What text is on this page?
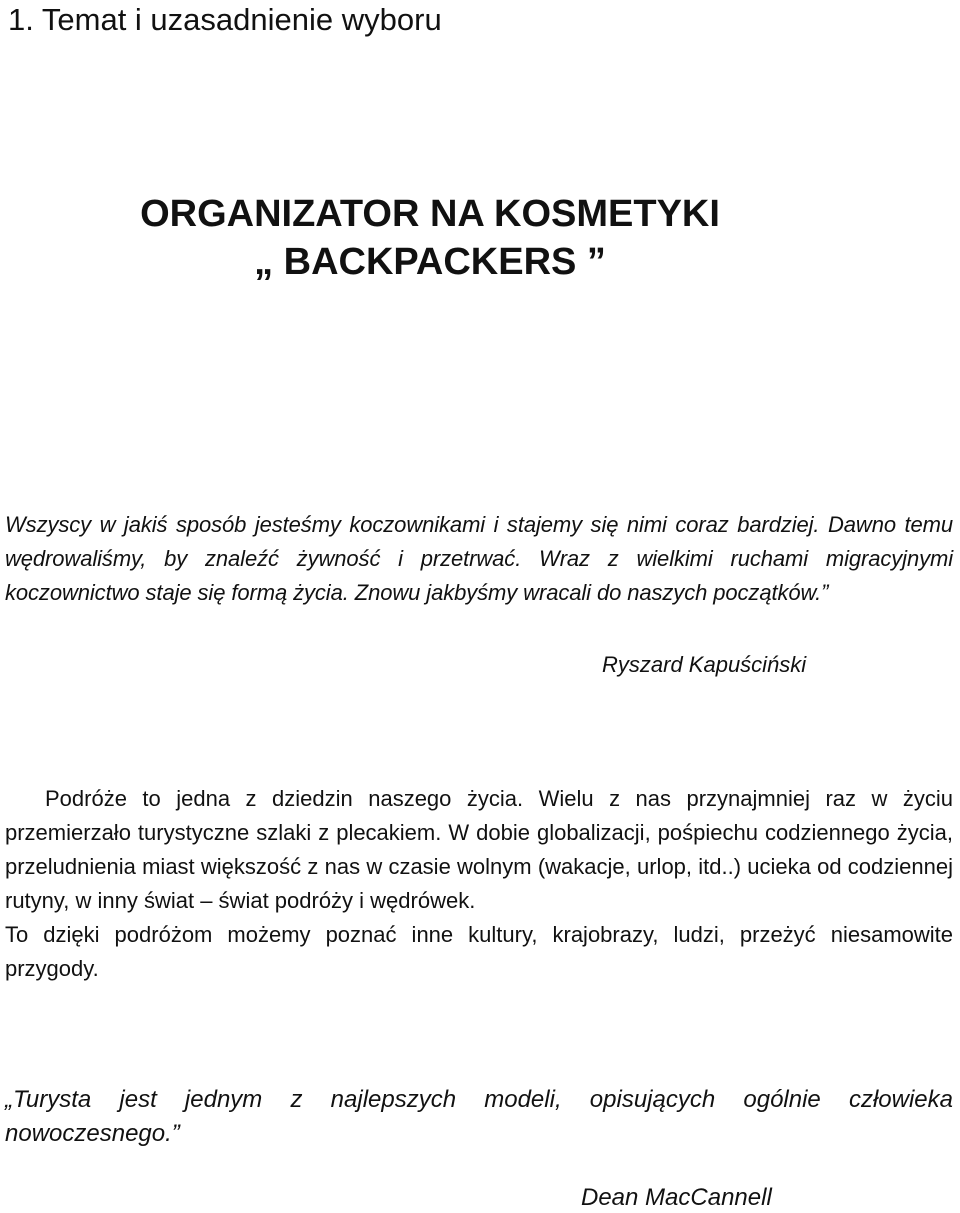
1. Temat i uzasadnienie wyboru
ORGANIZATOR NA KOSMETYKI
„ BACKPACKERS ”

Wszyscy w jakiś sposób jesteśmy koczownikami i stajemy się nimi coraz bardziej. Dawno temu wędrowaliśmy, by znaleźć żywność i przetrwać. Wraz z wielkimi ruchami migracyjnymi koczownictwo staje się formą życia. Znowu jakbyśmy wracali do naszych początków.”

Ryszard Kapuściński

Podróże to jedna z dziedzin naszego życia. Wielu z nas przynajmniej raz w życiu przemierzało turystyczne szlaki z plecakiem. W dobie globalizacji, pośpiechu codziennego życia, przeludnienia miast większość z nas w czasie wolnym (wakacje, urlop, itd..) ucieka od codziennej rutyny, w inny świat – świat podróży i wędrówek.

To dzięki podróżom możemy poznać inne kultury, krajobrazy, ludzi, przeżyć niesamowite przygody.

„Turysta jest jednym z najlepszych modeli, opisujących ogólnie człowieka nowoczesnego.”

Dean MacCannell
